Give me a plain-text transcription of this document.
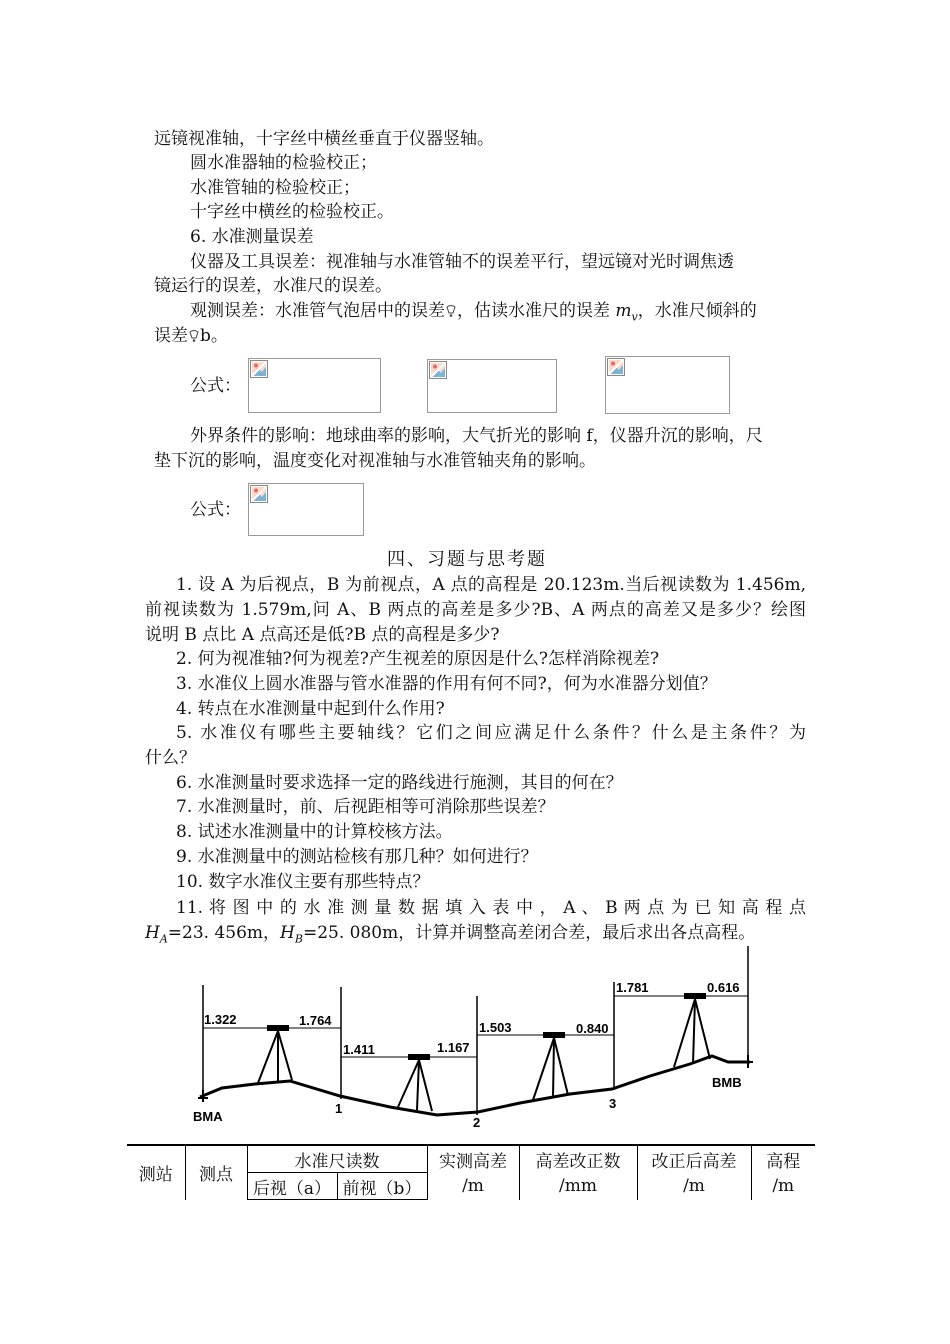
远镜视准轴，十字丝中横丝垂直于仪器竖轴。
圆水准器轴的检验校正；
水准管轴的检验校正；
十字丝中横丝的检验校正。
6. 水准测量误差
仪器及工具误差：视准轴与水准管轴不的误差平行，望远镜对光时调焦透
镜运行的误差，水准尺的误差。
观测误差：水准管气泡居中的误差 ，估读水准尺的误差 $m_v$，水准尺倾斜的
误差 b。
公式：
外界条件的影响：地球曲率的影响，大气折光的影响 f，仪器升沉的影响，尺
垫下沉的影响，温度变化对视准轴与水准管轴夹角的影响。
公式：
四、习题与思考题
1. 设 A 为后视点，B 为前视点，A 点的高程是 20.123m.当后视读数为 1.456m,
前视读数为 1.579m,问 A、B 两点的高差是多少?B、A 两点的高差又是多少？绘图
说明 B 点比 A 点高还是低?B 点的高程是多少?
2. 何为视准轴?何为视差?产生视差的原因是什么?怎样消除视差?
3. 水准仪上圆水准器与管水准器的作用有何不同?，何为水准器分划值？
4. 转点在水准测量中起到什么作用?
5. 水准仪有哪些主要轴线？它们之间应满足什么条件？什么是主条件？为
什么？
6. 水准测量时要求选择一定的路线进行施测，其目的何在？
7. 水准测量时，前、后视距相等可消除那些误差？
8. 试述水准测量中的计算校核方法。
9. 水准测量中的测站检核有那几种？如何进行？
10. 数字水准仪主要有那些特点？
11. 将 图 中 的 水 准 测 量 数 据 填 入 表 中 ， A 、 B 两 点 为 已 知 高 程 点
$H_A=23$. 456m，$H_B=25$. 080m，计算并调整高差闭合差，最后求出各点高程。
1.322	1.764
1.411	1.167
1.503	0.840
1.781	0.616
BMA
1
2
3
BMB
测站	测点	水准尺读数		实测高差	高差改正数	改正后高差	高程
		后视（a）	前视（b）	/m	/mm	/m	/m
